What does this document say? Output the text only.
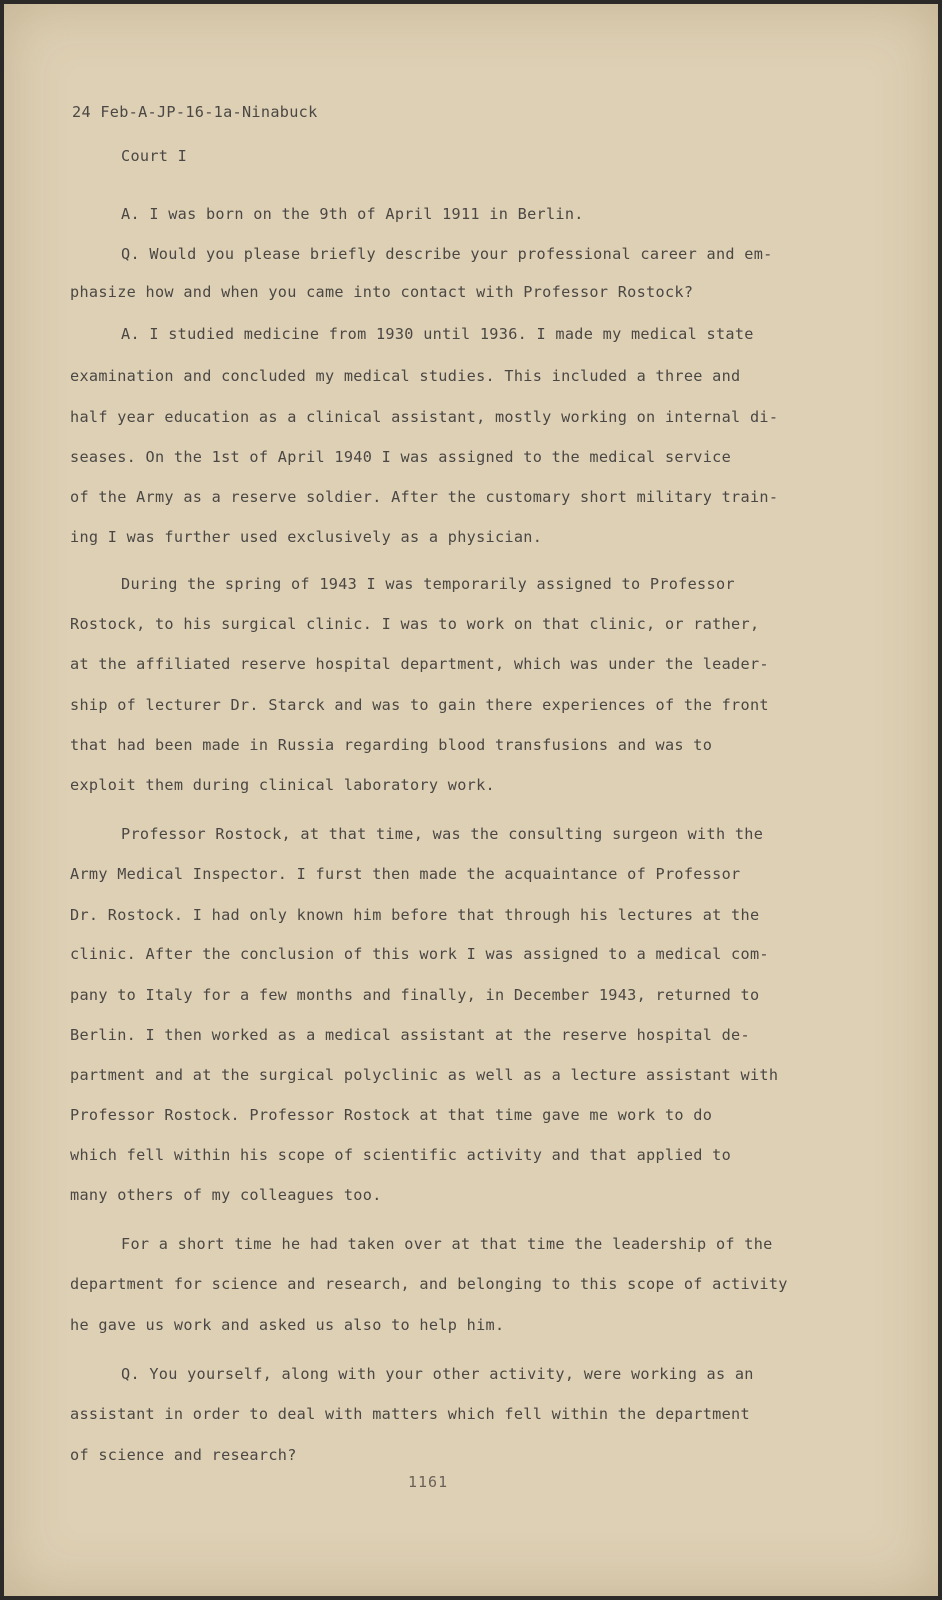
24 Feb-A-JP-16-1a-Ninabuck
Court I
A. I was born on the 9th of April 1911 in Berlin.
Q. Would you please briefly describe your professional career and em-
phasize how and when you came into contact with Professor Rostock?
A. I studied medicine from 1930 until 1936. I made my medical state
examination and concluded my medical studies. This included a three and
half year education as a clinical assistant, mostly working on internal di-
seases. On the 1st of April 1940 I was assigned to the medical service
of the Army as a reserve soldier. After the customary short military train-
ing I was further used exclusively as a physician.
During the spring of 1943 I was temporarily assigned to Professor
Rostock, to his surgical clinic. I was to work on that clinic, or rather,
at the affiliated reserve hospital department, which was under the leader-
ship of lecturer Dr. Starck and was to gain there experiences of the front
that had been made in Russia regarding blood transfusions and was to
exploit them during clinical laboratory work.
Professor Rostock, at that time, was the consulting surgeon with the
Army Medical Inspector. I furst then made the acquaintance of Professor
Dr. Rostock. I had only known him before that through his lectures at the
clinic. After the conclusion of this work I was assigned to a medical com-
pany to Italy for a few months and finally, in December 1943, returned to
Berlin. I then worked as a medical assistant at the reserve hospital de-
partment and at the surgical polyclinic as well as a lecture assistant with
Professor Rostock. Professor Rostock at that time gave me work to do
which fell within his scope of scientific activity and that applied to
many others of my colleagues too.
For a short time he had taken over at that time the leadership of the
department for science and research, and belonging to this scope of activity
he gave us work and asked us also to help him.
Q. You yourself, along with your other activity, were working as an
assistant in order to deal with matters which fell within the department
of science and research?
1161
